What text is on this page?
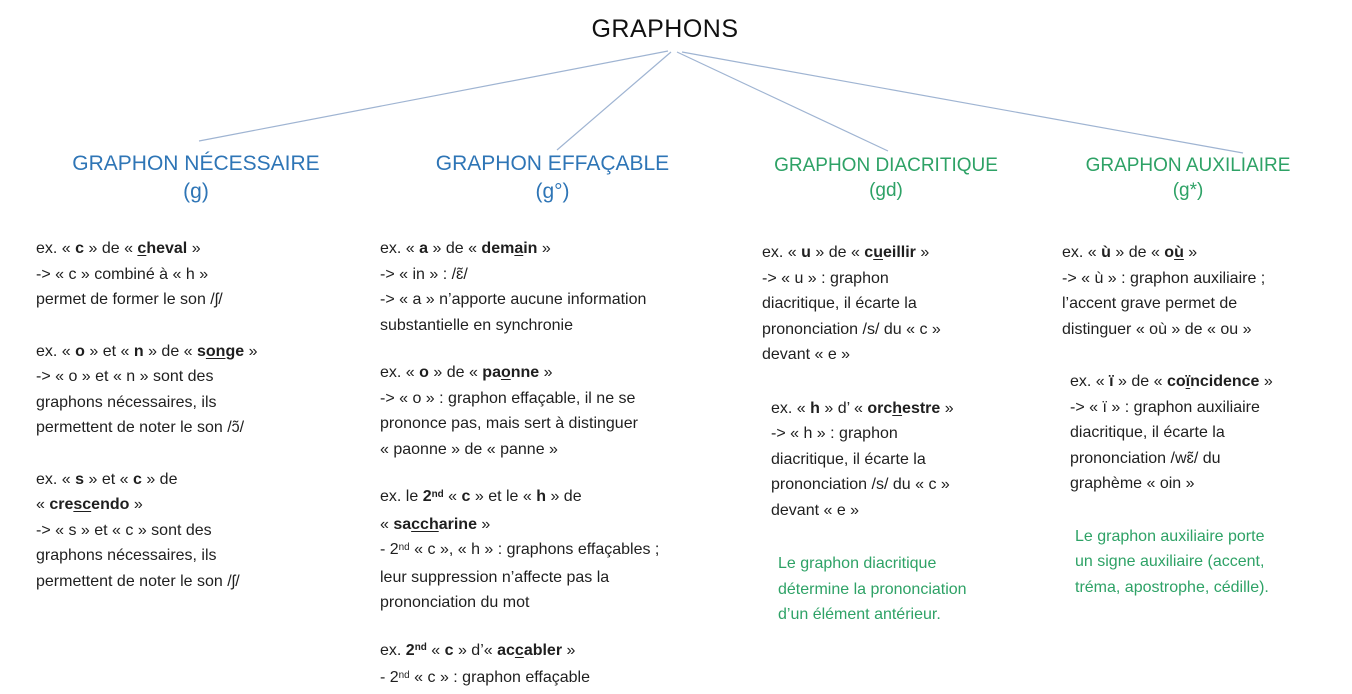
GRAPHONS
GRAPHON NÉCESSAIRE
(g)
ex. « c » de « cheval »
-> « c » combiné à « h »
permet de former le son /ʃ/
ex. « o » et « n » de « songe »
-> « o » et « n » sont des
graphons nécessaires, ils
permettent de noter le son /ɔ̃/
ex. « s » et « c » de
« crescendo »
-> « s » et « c » sont des
graphons nécessaires, ils
permettent de noter le son /ʃ/
GRAPHON EFFAÇABLE
(g°)
ex. « a » de « demain »
-> « in » : /ɛ̃/
-> « a » n’apporte aucune information
substantielle en synchronie
ex. « o » de « paonne »
-> « o » : graphon effaçable, il ne se
prononce pas, mais sert à distinguer
« paonne » de « panne »
ex. le 2nd « c » et le « h » de
« saccharine »
- 2nd « c », « h » : graphons effaçables ;
leur suppression n’affecte pas la
prononciation du mot
ex. 2nd « c » d’« accabler »
- 2nd « c » : graphon effaçable
GRAPHON DIACRITIQUE
(gd)
ex. « u » de « cueillir »
-> « u » : graphon
diacritique, il écarte la
prononciation /s/ du « c »
devant « e »
ex. « h » d’ « orchestre »
-> « h » : graphon
diacritique, il écarte la
prononciation /s/ du « c »
devant « e »
Le graphon diacritique
détermine la prononciation
d’un élément antérieur.
GRAPHON AUXILIAIRE
(g*)
ex. « ù » de « où »
-> « ù » : graphon auxiliaire ;
l’accent grave permet de
distinguer « où » de « ou »
ex. « ï » de « coïncidence »
-> « ï » : graphon auxiliaire
diacritique, il écarte la
prononciation /wɛ̃/ du
graphème « oin »
Le graphon auxiliaire porte
un signe auxiliaire (accent,
tréma, apostrophe, cédille).
